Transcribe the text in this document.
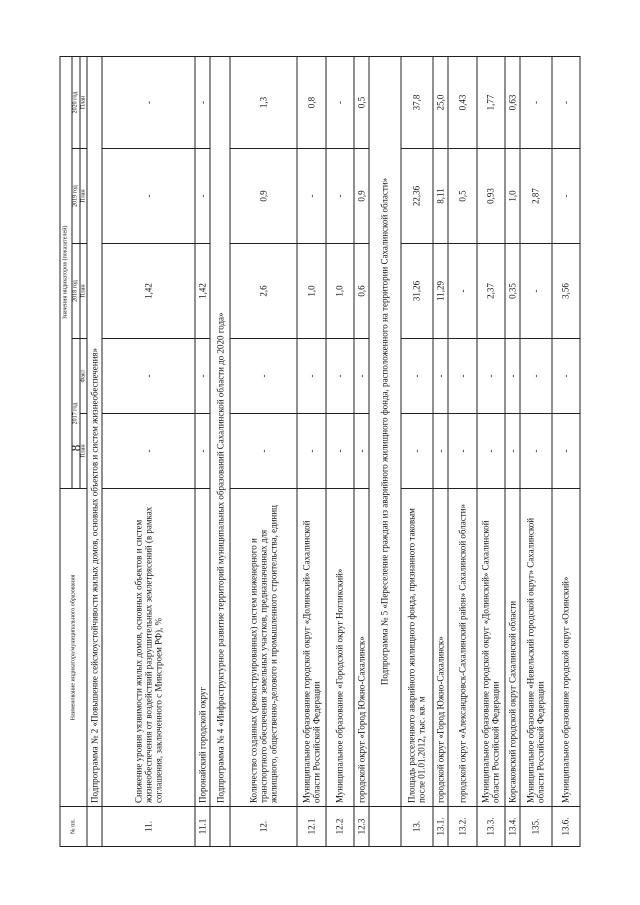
8
№ пп.	Наименование индикатора/муниципального образования	Значения индикаторов (показателей)				
		2017 год		2018 год	2019 год	2020 год
		План	Факт	План	План	План
	Подпрограмма № 2 «Повышение сейсмоустойчивости жилых домов, основных объектов и систем жизнеобеспечения»					
11.	Снижение уровня уязвимости жилых домов, основных объектов и систем жизнеобеспечения от воздействий разрушительных землетрясений (в рамках соглашения, заключенного с Минстроем РФ), %	-	-	1,42	-	-
11.1	Поронайский городской округ	-	-	1,42	-	-
	Подпрограмма № 4 «Инфраструктурное развитие территорий муниципальных образований Сахалинской области до 2020 года»					
12.	Количество созданных (реконструированных) систем инженерного и транспортного обеспечения земельных участков, предназначенных для жилищного, общественно-делового и промышленного строительства, единиц	-	-	2,6	0,9	1,3
12.1	Муниципальное образование городской округ «Долинский» Сахалинской области Российской Федерации	-	-	1,0	-	0,8
12.2	Муниципальное образование «Городской округ Ногликский»	-	-	1,0	-	-
12.3	городской округ «Город Южно-Сахалинск»	-	-	0,6	0,9	0,5
	Подпрограмма № 5 «Переселение граждан из аварийного жилищного фонда, расположенного на территории Сахалинской области»					
13.	Площадь расселенного аварийного жилищного фонда, признанного таковым после 01.01.2012, тыс. кв. м	-	-	31,26	22,36	37,8
13.1.	городской округ «Город Южно-Сахалинск»	-	-	11,29	8,11	25,0
13.2.	городской округ «Александровск-Сахалинский район» Сахалинской области»	-	-	-	0,5	0,43
13.3.	Муниципальное образование городской округ «Долинский» Сахалинской области Российской Федерации	-	-	2,37	0,93	1,77
13.4.	Корсаковский городской округ Сахалинской области	-	-	0,35	1,0	0,63
135.	Муниципальное образование «Невельский городской округ» Сахалинской области Российской Федерации	-	-	-	2,87	-
13.6.	Муниципальное образование городской округ «Охинский»	-	-	3,56	-	-
